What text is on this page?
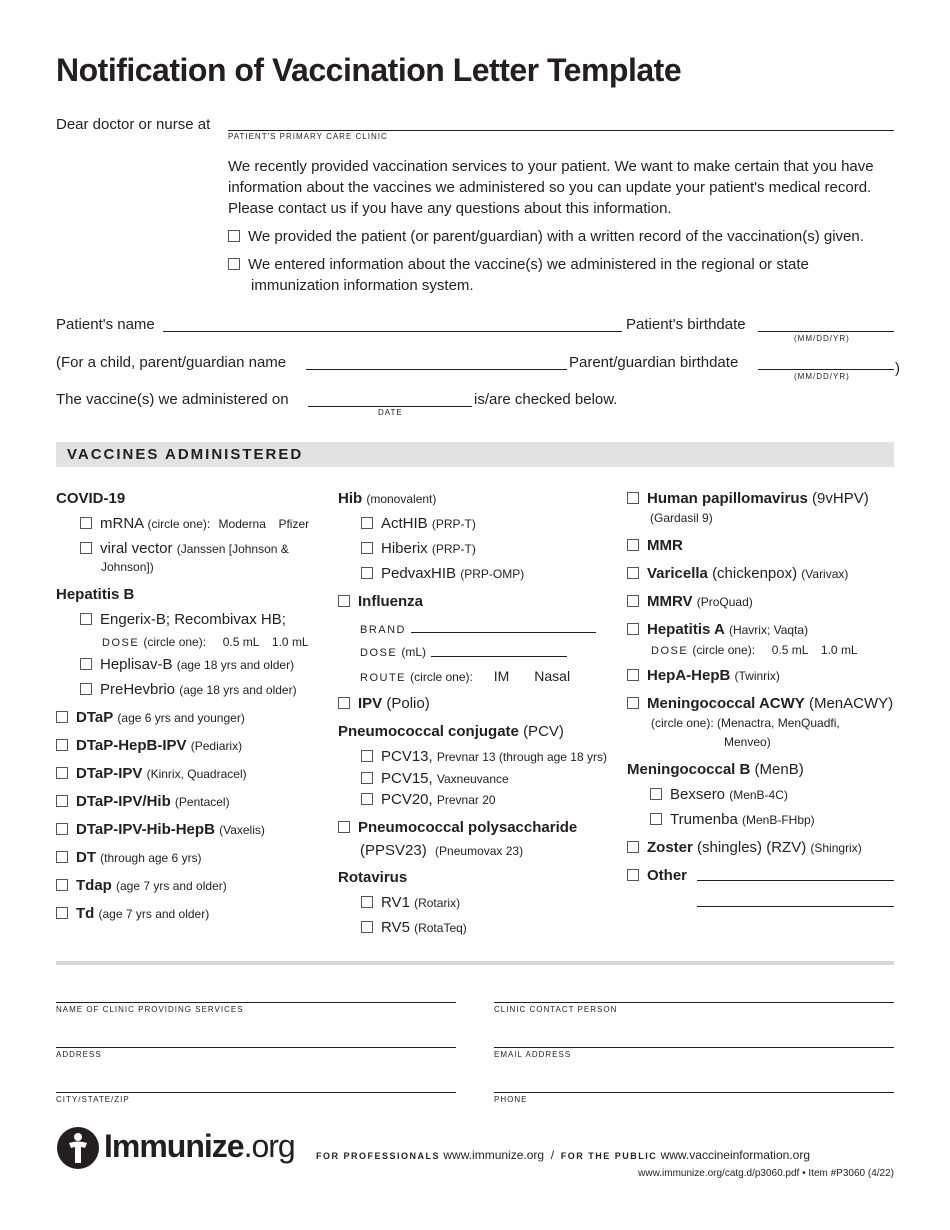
Notification of Vaccination Letter Template
Dear doctor or nurse at
PATIENT'S PRIMARY CARE CLINIC
We recently provided vaccination services to your patient. We want to make certain that you have information about the vaccines we administered so you can update your patient's medical record. Please contact us if you have any questions about this information.
We provided the patient (or parent/guardian) with a written record of the vaccination(s) given.
We entered information about the vaccine(s) we administered in the regional or state
immunization information system.
Patient's name	Patient's birthdate
(MM/DD/YR)
(For a child, parent/guardian name	Parent/guardian birthdate
(MM/DD/YR)	)
The vaccine(s) we administered on
DATE
is/are checked below.
VACCINES ADMINISTERED
COVID-19
mRNA (circle one): Moderna Pfizer
viral vector (Janssen [Johnson &
Johnson])
Hepatitis B
Engerix-B; Recombivax HB;
DOSE (circle one): 0.5 mL 1.0 mL
Heplisav-B (age 18 yrs and older)
PreHevbrio (age 18 yrs and older)
DTaP (age 6 yrs and younger)
DTaP-HepB-IPV (Pediarix)
DTaP-IPV (Kinrix, Quadracel)
DTaP-IPV/Hib (Pentacel)
DTaP-IPV-Hib-HepB (Vaxelis)
DT (through age 6 yrs)
Tdap (age 7 yrs and older)
Td (age 7 yrs and older)
Hib (monovalent)
ActHIB (PRP-T)
Hiberix (PRP-T)
PedvaxHIB (PRP-OMP)
Influenza
BRAND
DOSE (mL)
ROUTE (circle one): IM Nasal
IPV (Polio)
Pneumococcal conjugate (PCV)
PCV13, Prevnar 13 (through age 18 yrs)
PCV15, Vaxneuvance
PCV20, Prevnar 20
Pneumococcal polysaccharide
(PPSV23) (Pneumovax 23)
Rotavirus
RV1 (Rotarix)
RV5 (RotaTeq)
Human papillomavirus (9vHPV)
(Gardasil 9)
MMR
Varicella (chickenpox) (Varivax)
MMRV (ProQuad)
Hepatitis A (Havrix; Vaqta)
DOSE (circle one): 0.5 mL 1.0 mL
HepA-HepB (Twinrix)
Meningococcal ACWY (MenACWY)
(circle one): (Menactra, MenQuadfi,
Menveo)
Meningococcal B (MenB)
Bexsero (MenB-4C)
Trumenba (MenB-FHbp)
Zoster (shingles) (RZV) (Shingrix)
Other
NAME OF CLINIC PROVIDING SERVICES	CLINIC CONTACT PERSON
ADDRESS	EMAIL ADDRESS
CITY/STATE/ZIP	PHONE
Immunize.org FOR PROFESSIONALS www.immunize.org / FOR THE PUBLIC www.vaccineinformation.org
www.immunize.org/catg.d/p3060.pdf • Item #P3060 (4/22)
